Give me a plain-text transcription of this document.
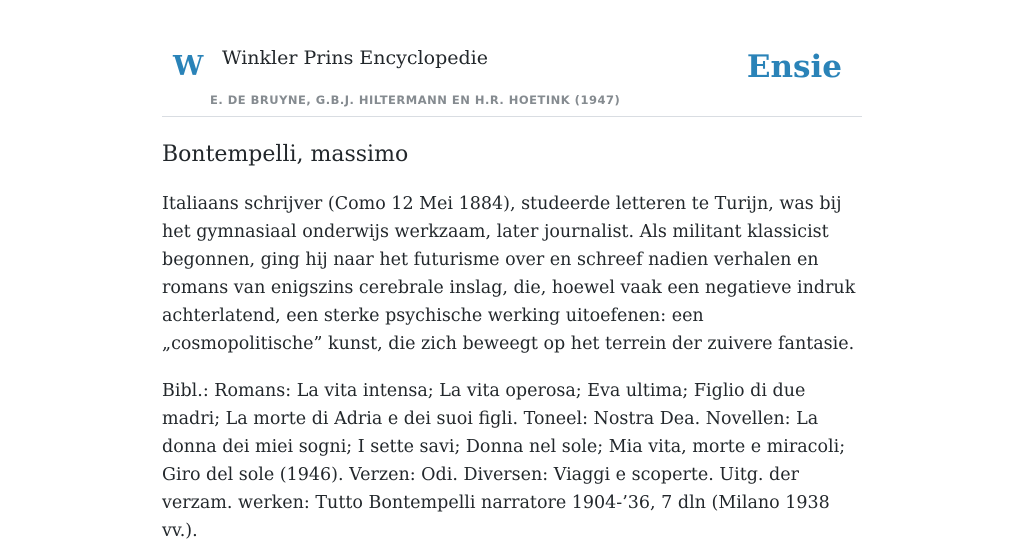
W Winkler Prins Encyclopedie
E. DE BRUYNE, G.B.J. HILTERMANN EN H.R. HOETINK (1947)
Ensie
Bontempelli, massimo

Italiaans schrijver (Como 12 Mei 1884), studeerde letteren te Turijn, was bij het gymnasiaal onderwijs werkzaam, later journalist. Als militant klassicist begonnen, ging hij naar het futurisme over en schreef nadien verhalen en romans van enigszins cerebrale inslag, die, hoewel vaak een negatieve indruk achterlatend, een sterke psychische werking uitoefenen: een „cosmopolitische” kunst, die zich beweegt op het terrein der zuivere fantasie.

Bibl.: Romans: La vita intensa; La vita operosa; Eva ultima; Figlio di due madri; La morte di Adria e dei suoi figli. Toneel: Nostra Dea. Novellen: La donna dei miei sogni; I sette savi; Donna nel sole; Mia vita, morte e miracoli; Giro del sole (1946). Verzen: Odi. Diversen: Viaggi e scoperte. Uitg. der verzam. werken: Tutto Bontempelli narratore 1904-’36, 7 dln (Milano 1938 vv.).
